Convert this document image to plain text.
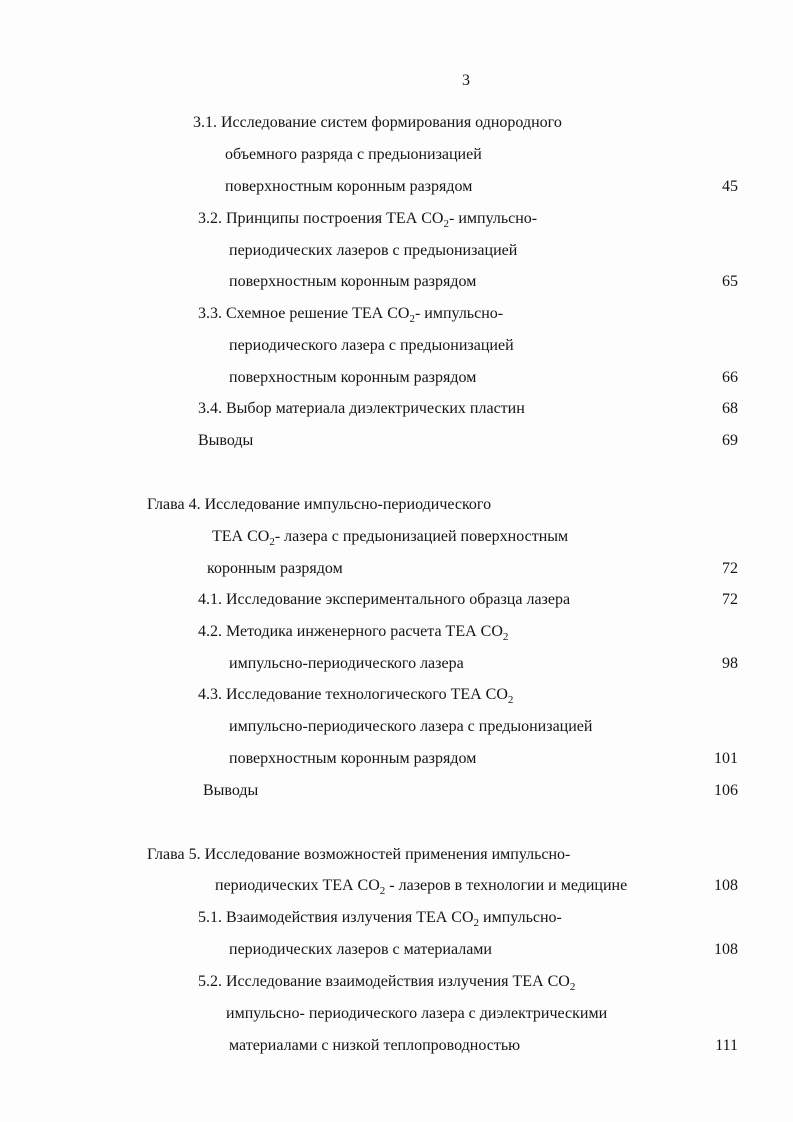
3
3.1. Исследование систем формирования однородного
объемного разряда с предыонизацией
поверхностным коронным разрядом	45
3.2. Принципы построения ТЕА $СО_2-$ импульсно-
периодических лазеров с предыонизацией
поверхностным коронным разрядом	65
3.3. Схемное решение ТЕА $СО_2-$ импульсно-
периодического лазера с предыонизацией
поверхностным коронным разрядом	66
3.4. Выбор материала диэлектрических пластин	68
Выводы	69
Глава 4. Исследование импульсно-периодического
ТЕА $СО_2-$ лазера с предыонизацией поверхностным
коронным разрядом	72
4.1. Исследование экспериментального образца лазера	72
4.2. Методика инженерного расчета ТЕА $СО_2$
импульсно-периодического лазера	98
4.3. Исследование технологического ТЕА $СО_2$
импульсно-периодического лазера с предыонизацией
поверхностным коронным разрядом	101
Выводы	106
Глава 5. Исследование возможностей применения импульсно-
периодических ТЕА $СО_2$ - лазеров в технологии и медицине	108
5.1. Взаимодействия излучения ТЕА $СО_2$ импульсно-
периодических лазеров с материалами	108
5.2. Исследование взаимодействия излучения ТЕА $СО_2$
импульсно- периодического лазера с диэлектрическими
материалами с низкой теплопроводностью	111
